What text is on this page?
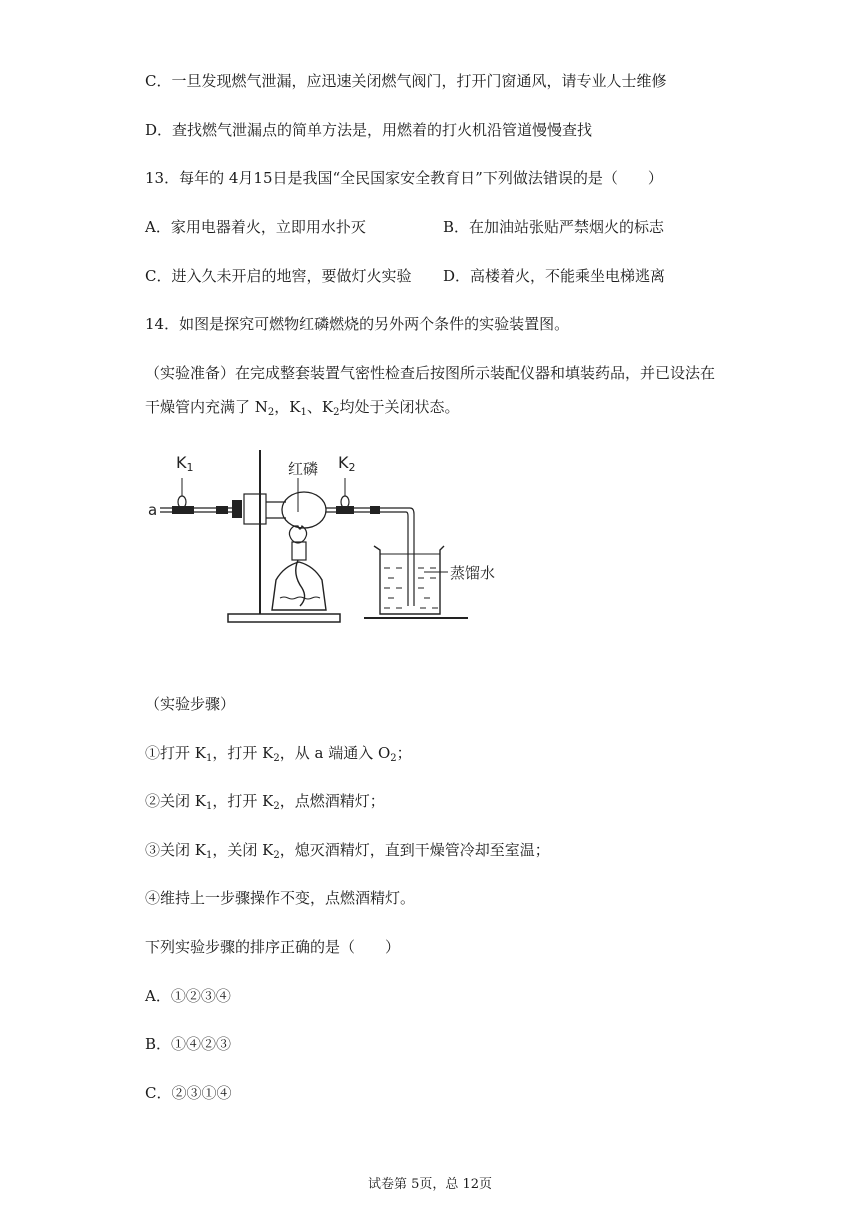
C．一旦发现燃气泄漏，应迅速关闭燃气阀门，打开门窗通风，请专业人士维修
D．查找燃气泄漏点的简单方法是，用燃着的打火机沿管道慢慢查找
13．每年的 4月15日是我国“全民国家安全教育日”下列做法错误的是（　　）
A．家用电器着火，立即用水扑灭	B．在加油站张贴严禁烟火的标志
C．进入久未开启的地窖，要做灯火实验 D．高楼着火，不能乘坐电梯逃离
14．如图是探究可燃物红磷燃烧的另外两个条件的实验装置图。
（实验准备）在完成整套装置气密性检查后按图所示装配仪器和填装药品，并已设法在
干燥管内充满了 $N_2$，$K_1$、$K_2$均处于关闭状态。
K1
a
红磷 K2
蒸馏水
（实验步骤）
①打开 $K_1$，打开 $K_2$，从 a 端通入 $O_2$；
②关闭 $K_1$，打开 $K_2$，点燃酒精灯；
③关闭 $K_1$，关闭 $K_2$，熄灭酒精灯，直到干燥管冷却至室温；
④维持上一步骤操作不变，点燃酒精灯。
下列实验步骤的排序正确的是（　　）
A．①②③④
B．①④②③
C．②③①④
试卷第 5页，总 12页
